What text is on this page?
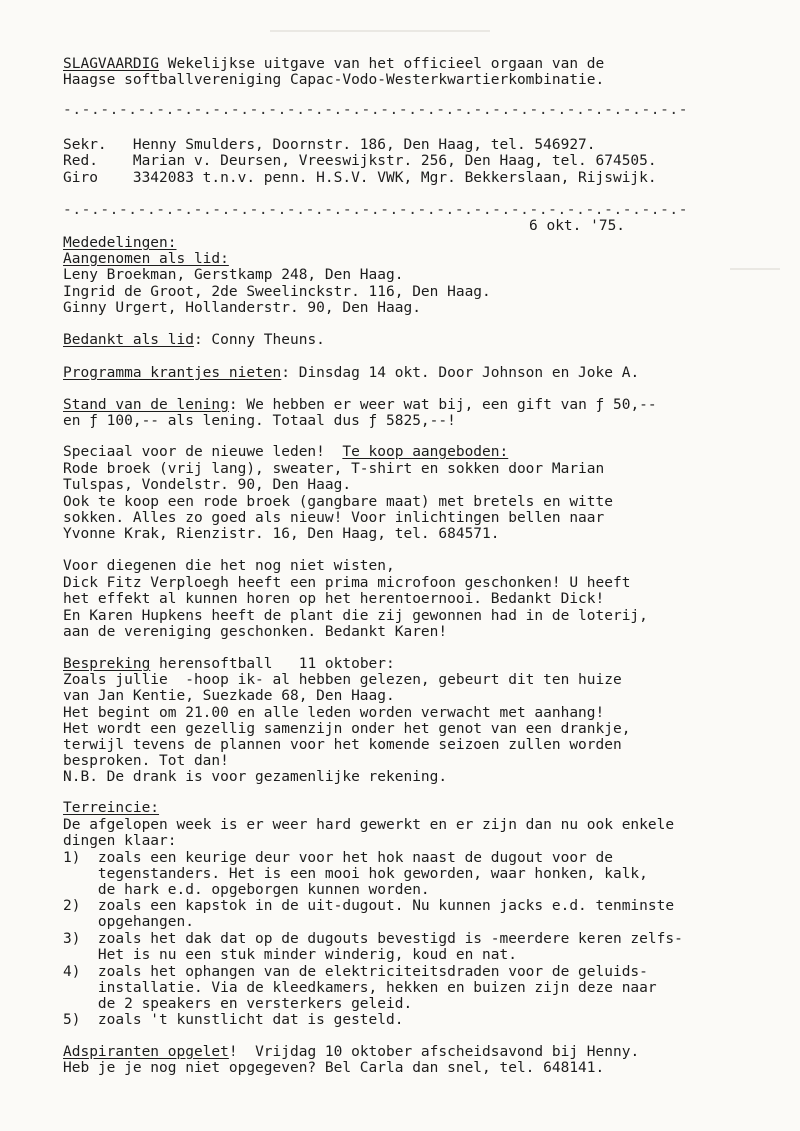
SLAGVAARDIG Wekelijkse uitgave van het officieel orgaan van de
Haagse softballvereniging Capac-Vodo-Westerkwartierkombinatie.
-.-.-.-.-.-.-.-.-.-.-.-.-.-.-.-.-.-.-.-.-.-.-.-.-.-.-.-.-.-.-.-.-.-
Sekr.   Henny Smulders, Doornstr. 186, Den Haag, tel. 546927.
Red.    Marian v. Deursen, Vreeswijkstr. 256, Den Haag, tel. 674505.
Giro    3342083 t.n.v. penn. H.S.V. VWK, Mgr. Bekkerslaan, Rijswijk.
-.-.-.-.-.-.-.-.-.-.-.-.-.-.-.-.-.-.-.-.-.-.-.-.-.-.-.-.-.-.-.-.-.-
6 okt. '75.
Mededelingen:
Aangenomen als lid:
Leny Broekman, Gerstkamp 248, Den Haag.
Ingrid de Groot, 2de Sweelinckstr. 116, Den Haag.
Ginny Urgert, Hollanderstr. 90, Den Haag.
Bedankt als lid: Conny Theuns.
Programma krantjes nieten: Dinsdag 14 okt. Door Johnson en Joke A.
Stand van de lening: We hebben er weer wat bij, een gift van ƒ 50,--
en ƒ 100,-- als lening. Totaal dus ƒ 5825,--!
Speciaal voor de nieuwe leden!  Te koop aangeboden:
Rode broek (vrij lang), sweater, T-shirt en sokken door Marian
Tulspas, Vondelstr. 90, Den Haag.
Ook te koop een rode broek (gangbare maat) met bretels en witte
sokken. Alles zo goed als nieuw! Voor inlichtingen bellen naar
Yvonne Krak, Rienzistr. 16, Den Haag, tel. 684571.
Voor diegenen die het nog niet wisten,
Dick Fitz Verploegh heeft een prima microfoon geschonken! U heeft
het effekt al kunnen horen op het herentoernooi. Bedankt Dick!
En Karen Hupkens heeft de plant die zij gewonnen had in de loterij,
aan de vereniging geschonken. Bedankt Karen!
Bespreking herensoftball   11 oktober:
Zoals jullie  -hoop ik- al hebben gelezen, gebeurt dit ten huize
van Jan Kentie, Suezkade 68, Den Haag.
Het begint om 21.00 en alle leden worden verwacht met aanhang!
Het wordt een gezellig samenzijn onder het genot van een drankje,
terwijl tevens de plannen voor het komende seizoen zullen worden
besproken. Tot dan!
N.B. De drank is voor gezamenlijke rekening.
Terreincie:
De afgelopen week is er weer hard gewerkt en er zijn dan nu ook enkele
dingen klaar:
1)  zoals een keurige deur voor het hok naast de dugout voor de
tegenstanders. Het is een mooi hok geworden, waar honken, kalk,
de hark e.d. opgeborgen kunnen worden.
2)  zoals een kapstok in de uit-dugout. Nu kunnen jacks e.d. tenminste
opgehangen.
3)  zoals het dak dat op de dugouts bevestigd is -meerdere keren zelfs-
Het is nu een stuk minder winderig, koud en nat.
4)  zoals het ophangen van de elektriciteitsdraden voor de geluids-
installatie. Via de kleedkamers, hekken en buizen zijn deze naar
de 2 speakers en versterkers geleid.
5)  zoals 't kunstlicht dat is gesteld.
Adspiranten opgelet!  Vrijdag 10 oktober afscheidsavond bij Henny.
Heb je je nog niet opgegeven? Bel Carla dan snel, tel. 648141.
